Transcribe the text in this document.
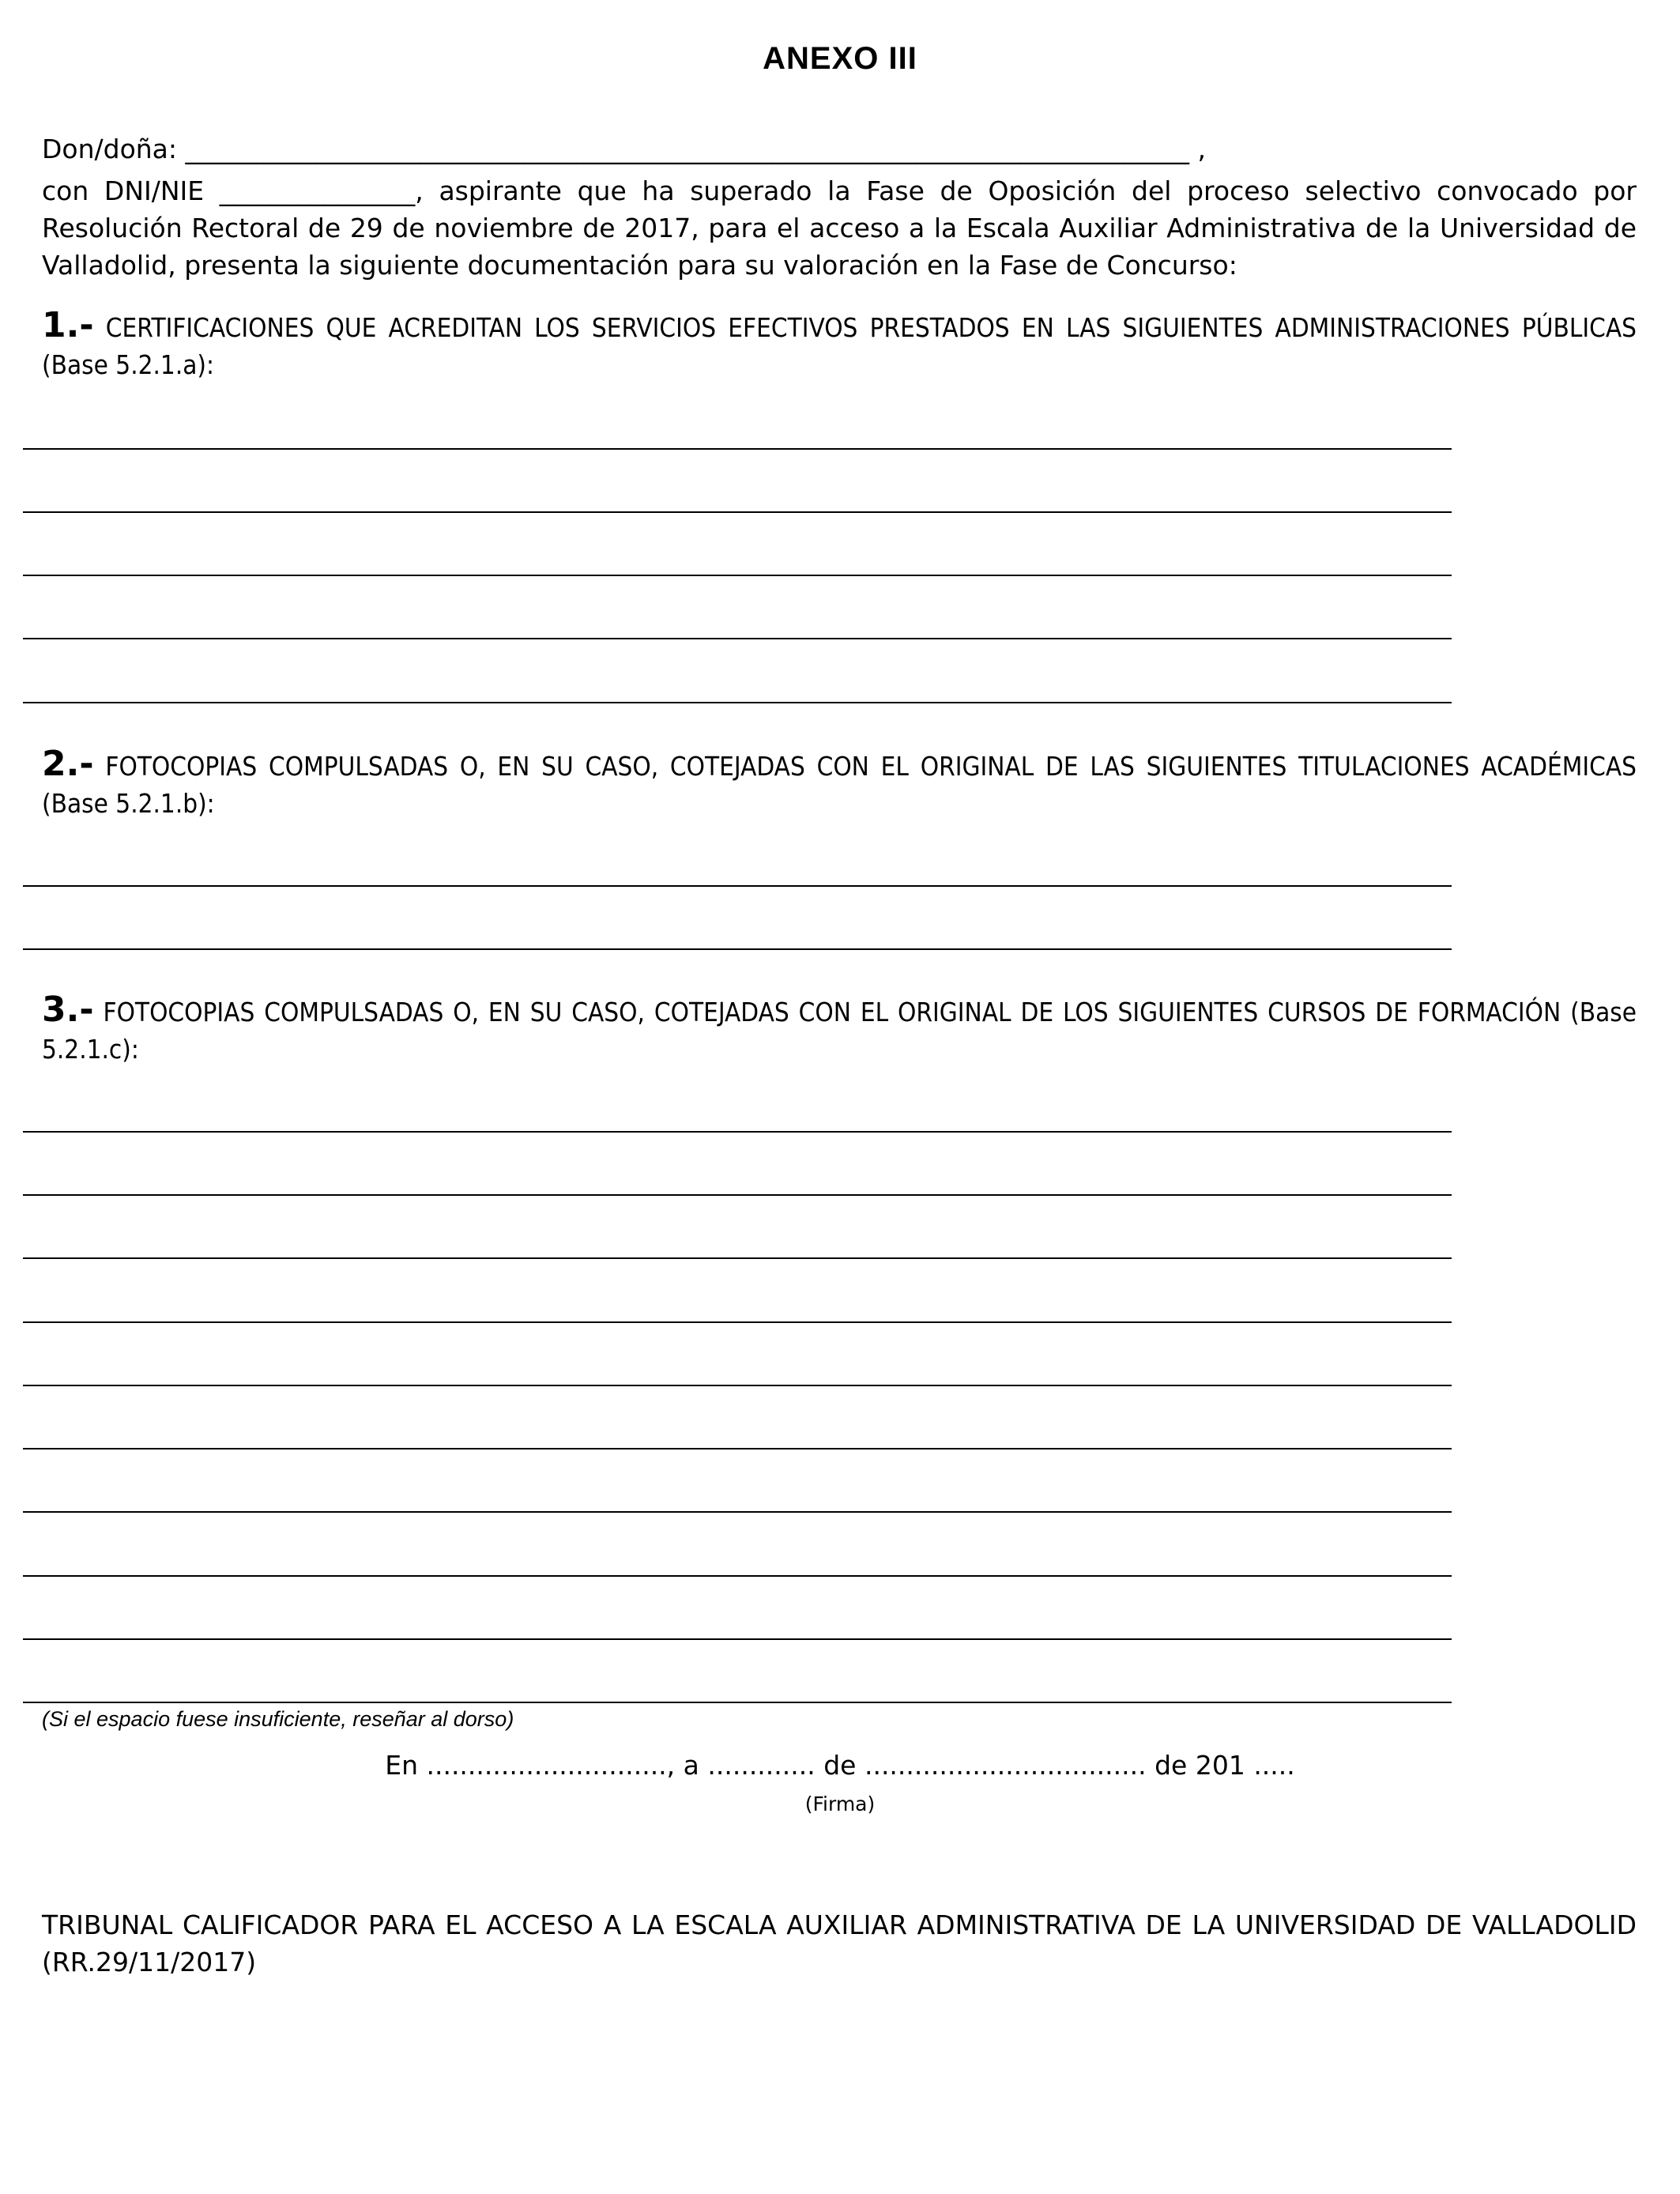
ANEXO III
Don/doña: _____________________________________________________________________________ ,

con DNI/NIE _______________, aspirante que ha superado la Fase de Oposición del proceso selectivo convocado por Resolución Rectoral de 29 de noviembre de 2017, para el acceso a la Escala Auxiliar Administrativa de la Universidad de Valladolid, presenta la siguiente documentación para su valoración en la Fase de Concurso:

1.- CERTIFICACIONES QUE ACREDITAN LOS SERVICIOS EFECTIVOS PRESTADOS EN LAS SIGUIENTES ADMINISTRACIONES PÚBLICAS (Base 5.2.1.a):

2.- FOTOCOPIAS COMPULSADAS O, EN SU CASO, COTEJADAS CON EL ORIGINAL DE LAS SIGUIENTES TITULACIONES ACADÉMICAS (Base 5.2.1.b):

3.- FOTOCOPIAS COMPULSADAS O, EN SU CASO, COTEJADAS CON EL ORIGINAL DE LOS SIGUIENTES CURSOS DE FORMACIÓN (Base 5.2.1.c):

(Si el espacio fuese insuficiente, reseñar al dorso)
En ............................., a ............. de .................................. de 201 .....
(Firma)

TRIBUNAL CALIFICADOR PARA EL ACCESO A LA ESCALA AUXILIAR ADMINISTRATIVA DE LA UNIVERSIDAD DE VALLADOLID (RR.29/11/2017)
